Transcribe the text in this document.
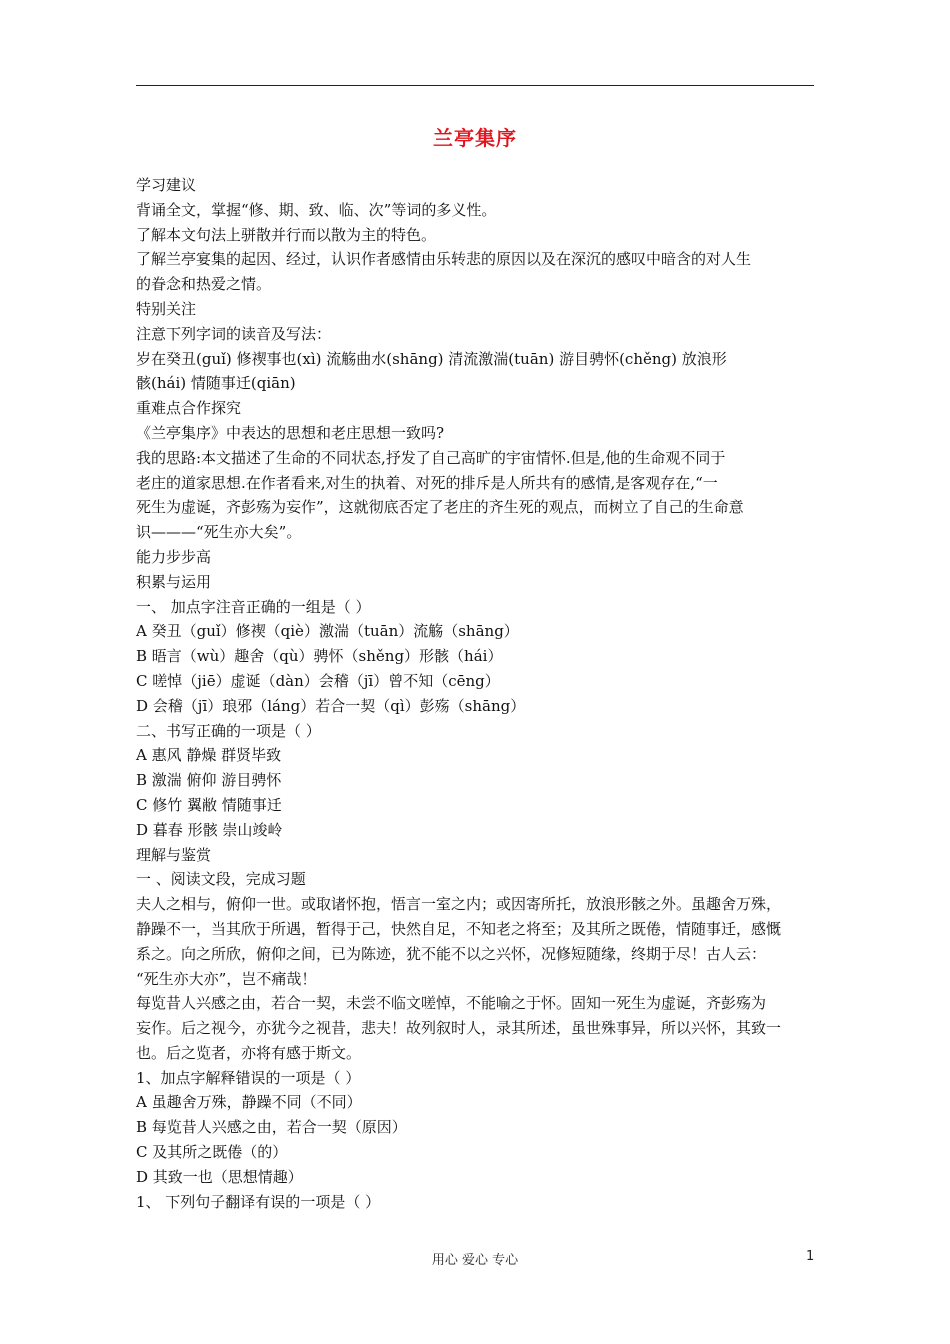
兰亭集序
学习建议
背诵全文，掌握“修、期、致、临、次”等词的多义性。
了解本文句法上骈散并行而以散为主的特色。
了解兰亭宴集的起因、经过，认识作者感情由乐转悲的原因以及在深沉的感叹中暗含的对人生
的眷念和热爱之情。
特别关注
注意下列字词的读音及写法：
岁在癸丑(guǐ) 修禊事也(xì) 流觞曲水(shāng) 清流激湍(tuān) 游目骋怀(chěng) 放浪形
骸(hái) 情随事迁(qiān)
重难点合作探究
《兰亭集序》中表达的思想和老庄思想一致吗?
我的思路:本文描述了生命的不同状态,抒发了自己高旷的宇宙情怀.但是,他的生命观不同于
老庄的道家思想.在作者看来,对生的执着、对死的排斥是人所共有的感情,是客观存在,“一
死生为虚诞，齐彭殇为妄作”，这就彻底否定了老庄的齐生死的观点，而树立了自己的生命意
识———“死生亦大矣”。
能力步步高
积累与运用
一、 加点字注音正确的一组是（ ）
A 癸丑（guǐ）修禊（qiè）激湍（tuān）流觞（shāng）
B 晤言（wù）趣舍（qù）骋怀（shěng）形骸（hái）
C 嗟悼（jiē）虚诞（dàn）会稽（jī）曾不知（cēng）
D 会稽（jī）琅邪（láng）若合一契（qì）彭殇（shāng）
二、书写正确的一项是（ ）
A 惠风 静燥 群贤毕致
B 激湍 俯仰 游目骋怀
C 修竹 翼敝 情随事迁
D 暮春 形骸 崇山竣岭
理解与鉴赏
一 、阅读文段，完成习题
夫人之相与，俯仰一世。或取诸怀抱，悟言一室之内；或因寄所托，放浪形骸之外。虽趣舍万殊，
静躁不一，当其欣于所遇，暂得于己，快然自足，不知老之将至；及其所之既倦，情随事迁，感慨
系之。向之所欣，俯仰之间，已为陈迹，犹不能不以之兴怀，况修短随缘，终期于尽！古人云：
“死生亦大亦”，岂不痛哉！
每览昔人兴感之由，若合一契，未尝不临文嗟悼，不能喻之于怀。固知一死生为虚诞，齐彭殇为
妄作。后之视今，亦犹今之视昔，悲夫！故列叙时人，录其所述，虽世殊事异，所以兴怀，其致一
也。后之览者，亦将有感于斯文。
1、加点字解释错误的一项是（ ）
A 虽趣舍万殊，静躁不同（不同）
B 每览昔人兴感之由，若合一契（原因）
C 及其所之既倦（的）
D 其致一也（思想情趣）
1、 下列句子翻译有误的一项是（ ）
用心 爱心 专心	1
